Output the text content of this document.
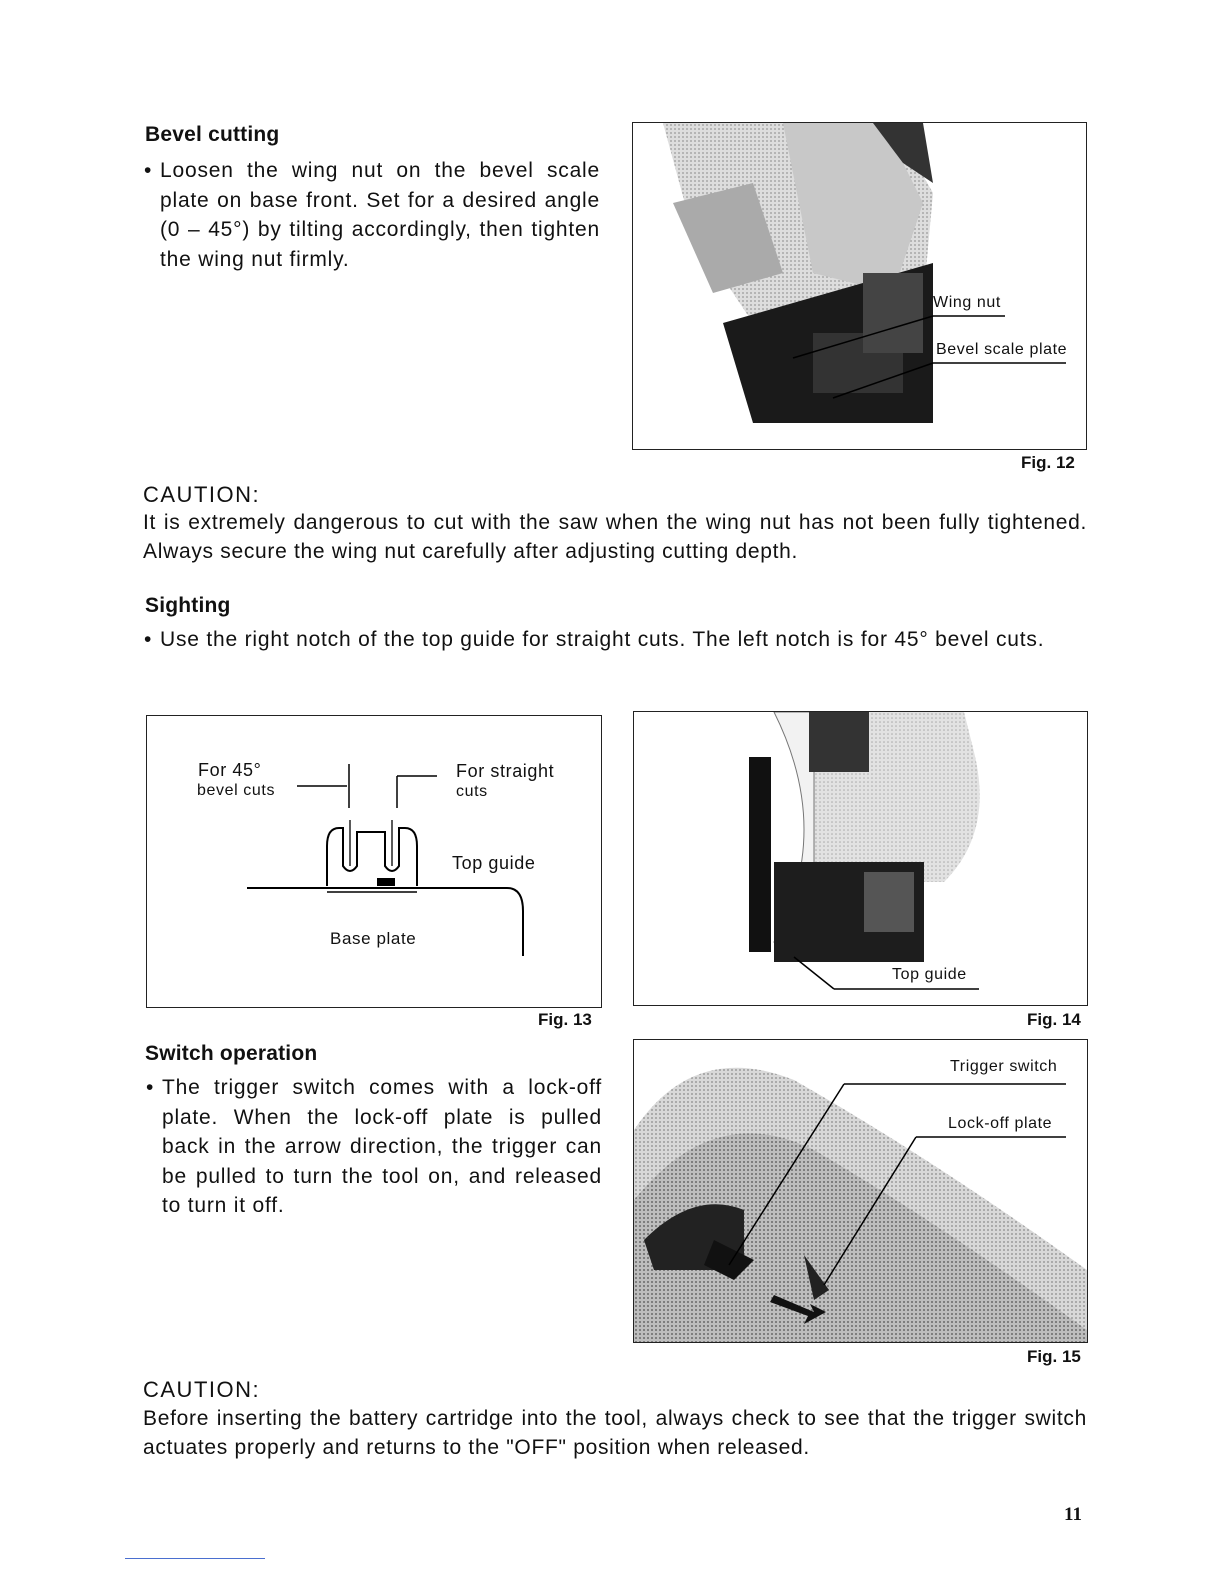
Bevel cutting
• Loosen the wing nut on the bevel scale plate on base front. Set for a desired angle (0 – 45°) by tilting accordingly, then tighten the wing nut firmly.
Wing nut
Bevel scale plate
Fig. 12
CAUTION:
It is extremely dangerous to cut with the saw when the wing nut has not been fully tightened. Always secure the wing nut carefully after adjusting cutting depth.
Sighting
• Use the right notch of the top guide for straight cuts. The left notch is for 45° bevel cuts.
For 45°
bevel cuts
For straight
cuts
Top guide
Base plate
Fig. 13
Top guide
Fig. 14
Switch operation
• The trigger switch comes with a lock-off plate. When the lock-off plate is pulled back in the arrow direction, the trigger can be pulled to turn the tool on, and released to turn it off.
Trigger switch
Lock-off plate
Fig. 15
CAUTION:
Before inserting the battery cartridge into the tool, always check to see that the trigger switch actuates properly and returns to the "OFF" position when released.
11
